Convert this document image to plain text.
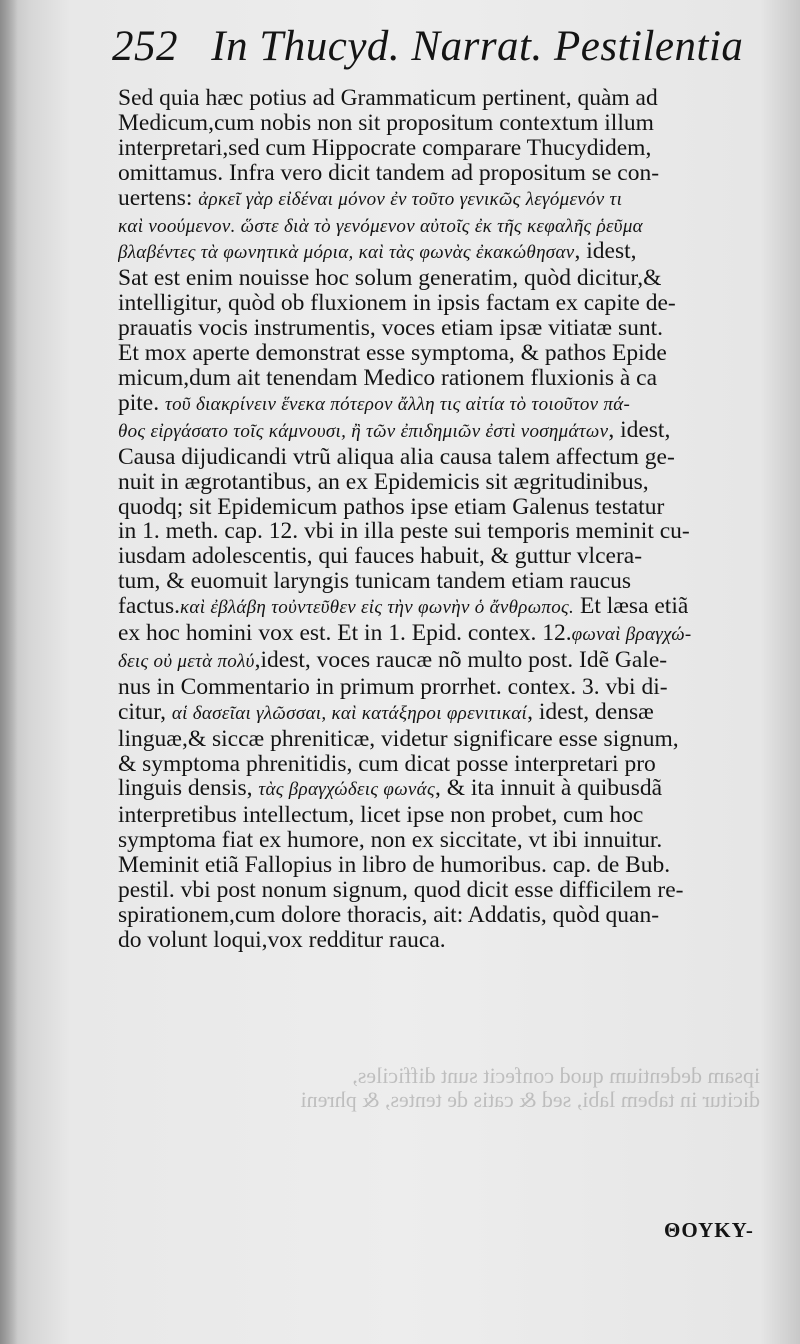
252 In Thucyd. Narrat. Pestilentia
Sed quia hæc potius ad Grammaticum pertinent, quàm ad
Medicum,cum nobis non sit propositum contextum illum
interpretari,sed cum Hippocrate comparare Thucydidem,
omittamus. Infra vero dicit tandem ad propositum se con-
uertens: ἀρκεῖ γὰρ εἰδέναι μόνον ἐν τοῦτο γενικῶς λεγόμενόν τι
καὶ νοούμενον. ὥστε διὰ τὸ γενόμενον αὐτοῖς ἐκ τῆς κεφαλῆς ῥεῦμα
βλαβέντες τὰ φωνητικὰ μόρια, καὶ τὰς φωνὰς ἐκακώθησαν, idest,
Sat est enim nouisse hoc solum generatim, quòd dicitur,&
intelligitur, quòd ob fluxionem in ipsis factam ex capite de-
prauatis vocis instrumentis, voces etiam ipsæ vitiatæ sunt.
Et mox aperte demonstrat esse symptoma, & pathos Epide
micum,dum ait tenendam Medico rationem fluxionis à ca
pite. τοῦ διακρίνειν ἕνεκα πότερον ἄλλη τις αἰτία τὸ τοιοῦτον πά-
θος εἰργάσατο τοῖς κάμνουσι, ἢ τῶν ἐπιδημιῶν ἐστὶ νοσημάτων, idest,
Causa dijudicandi vtrũ aliqua alia causa talem affectum ge-
nuit in ægrotantibus, an ex Epidemicis sit ægritudinibus,
quodq; sit Epidemicum pathos ipse etiam Galenus testatur
in 1. meth. cap. 12. vbi in illa peste sui temporis meminit cu-
iusdam adolescentis, qui fauces habuit, & guttur vlcera-
tum, & euomuit laryngis tunicam tandem etiam raucus
factus.καὶ ἐβλάβη τοὐντεῦθεν εἰς τὴν φωνὴν ὁ ἄνθρωπος. Et læsa etiã
ex hoc homini vox est. Et in 1. Epid. contex. 12.φωναὶ βραγχώ-
δεις οὐ μετὰ πολύ,idest, voces raucæ nõ multo post. Idẽ Gale-
nus in Commentario in primum prorrhet. contex. 3. vbi di-
citur, αἱ δασεῖαι γλῶσσαι, καὶ κατάξηροι φρενιτικαί, idest, densæ
linguæ,& siccæ phreniticæ, videtur significare esse signum,
& symptoma phrenitidis, cum dicat posse interpretari pro
linguis densis, τὰς βραγχώδεις φωνάς, & ita innuit à quibusdã
interpretibus intellectum, licet ipse non probet, cum hoc
symptoma fiat ex humore, non ex siccitate, vt ibi innuitur.
Meminit etiã Fallopius in libro de humoribus. cap. de Bub.
pestil. vbi post nonum signum, quod dicit esse difficilem re-
spirationem,cum dolore thoracis, ait: Addatis, quòd quan-
do volunt loqui,vox redditur rauca.
ipsam dedentium quod confecit sunt difficiles,
dicitur in tabem labi, sed & catis de tentes, & phreni
ΘΟΥΚΥ-
